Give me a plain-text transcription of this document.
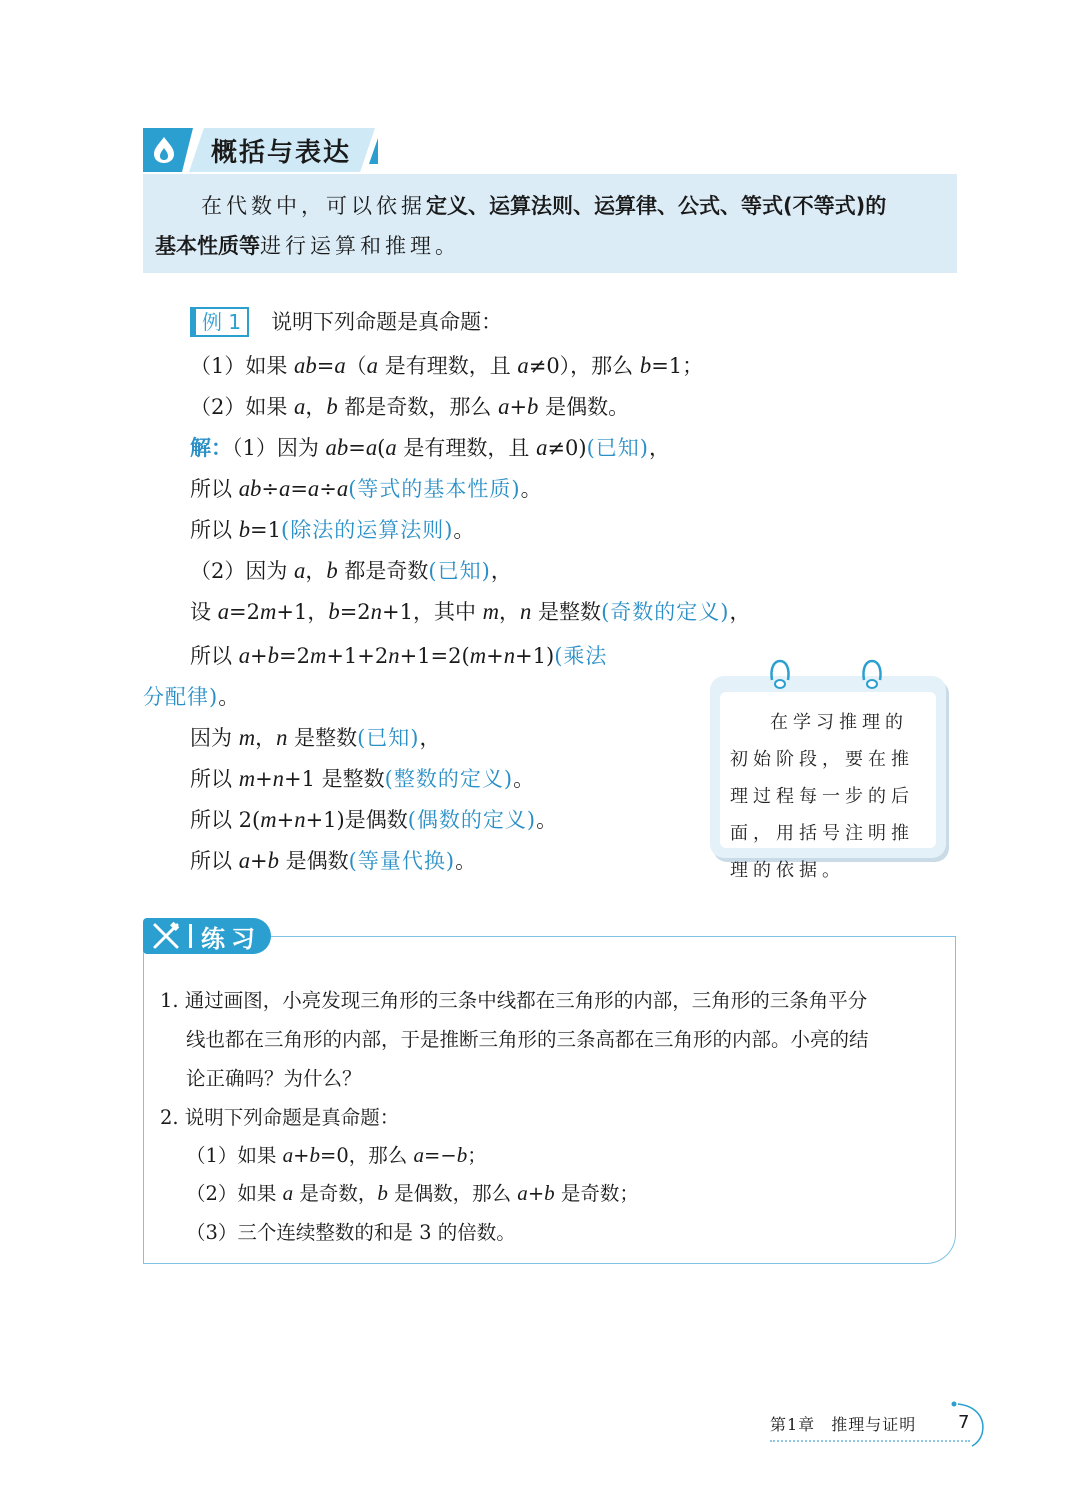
概括与表达
在代数中，可以依据定义、运算法则、运算律、公式、等式(不等式)的
基本性质等进行运算和推理。
例 1 说明下列命题是真命题：
（1）如果 ab=a（a 是有理数，且 a≠0），那么 b=1；
（2）如果 a，b 都是奇数，那么 a+b 是偶数。
解：（1）因为 ab=a(a 是有理数，且 a≠0)(已知)，
所以 ab÷a=a÷a(等式的基本性质)。
所以 b=1(除法的运算法则)。
（2）因为 a，b 都是奇数(已知)，
设 a=2m+1，b=2n+1，其中 m，n 是整数(奇数的定义)，
所以 a+b=2m+1+2n+1=2(m+n+1)(乘法
分配律)。
因为 m，n 是整数(已知)，
所以 m+n+1 是整数(整数的定义)。
所以 2(m+n+1)是偶数(偶数的定义)。
所以 a+b 是偶数(等量代换)。
在学习推理的初始阶段，要在推理过程每一步的后面，用括号注明推理的依据。
练习
1. 通过画图，小亮发现三角形的三条中线都在三角形的内部，三角形的三条角平分
线也都在三角形的内部，于是推断三角形的三条高都在三角形的内部。小亮的结
论正确吗？为什么？
2. 说明下列命题是真命题：
（1）如果 a+b=0，那么 a=−b；
（2）如果 a 是奇数，b 是偶数，那么 a+b 是奇数；
（3）三个连续整数的和是 3 的倍数。
第1章 推理与证明	7
